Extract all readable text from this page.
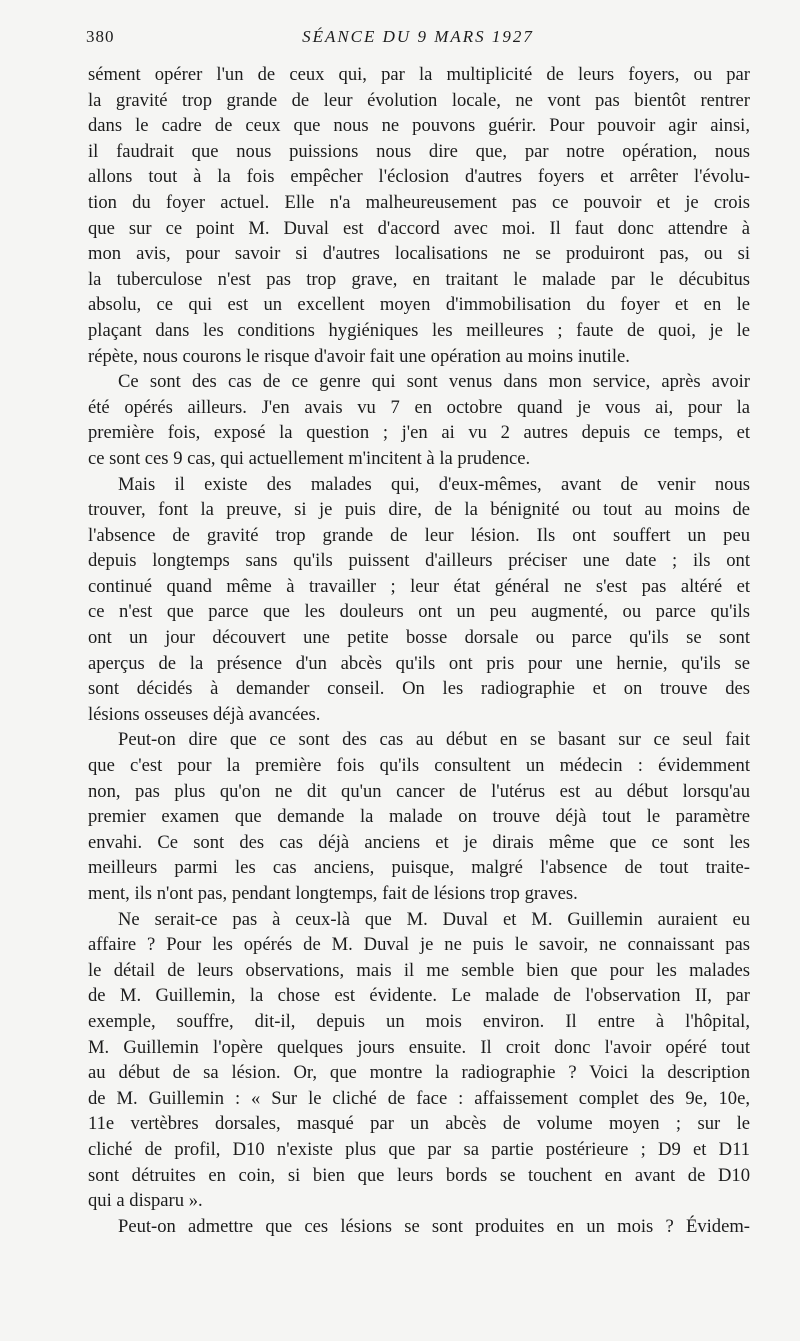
380	SÉANCE DU 9 MARS 1927
sément opérer l'un de ceux qui, par la multiplicité de leurs foyers, ou par
la gravité trop grande de leur évolution locale, ne vont pas bientôt rentrer
dans le cadre de ceux que nous ne pouvons guérir. Pour pouvoir agir ainsi,
il faudrait que nous puissions nous dire que, par notre opération, nous
allons tout à la fois empêcher l'éclosion d'autres foyers et arrêter l'évolu-
tion du foyer actuel. Elle n'a malheureusement pas ce pouvoir et je crois
que sur ce point M. Duval est d'accord avec moi. Il faut donc attendre à
mon avis, pour savoir si d'autres localisations ne se produiront pas, ou si
la tuberculose n'est pas trop grave, en traitant le malade par le décubitus
absolu, ce qui est un excellent moyen d'immobilisation du foyer et en le
plaçant dans les conditions hygiéniques les meilleures ; faute de quoi, je le
répète, nous courons le risque d'avoir fait une opération au moins inutile.
Ce sont des cas de ce genre qui sont venus dans mon service, après avoir
été opérés ailleurs. J'en avais vu 7 en octobre quand je vous ai, pour la
première fois, exposé la question ; j'en ai vu 2 autres depuis ce temps, et
ce sont ces 9 cas, qui actuellement m'incitent à la prudence.
Mais il existe des malades qui, d'eux-mêmes, avant de venir nous
trouver, font la preuve, si je puis dire, de la bénignité ou tout au moins de
l'absence de gravité trop grande de leur lésion. Ils ont souffert un peu
depuis longtemps sans qu'ils puissent d'ailleurs préciser une date ; ils ont
continué quand même à travailler ; leur état général ne s'est pas altéré et
ce n'est que parce que les douleurs ont un peu augmenté, ou parce qu'ils
ont un jour découvert une petite bosse dorsale ou parce qu'ils se sont
aperçus de la présence d'un abcès qu'ils ont pris pour une hernie, qu'ils se
sont décidés à demander conseil. On les radiographie et on trouve des
lésions osseuses déjà avancées.
Peut-on dire que ce sont des cas au début en se basant sur ce seul fait
que c'est pour la première fois qu'ils consultent un médecin : évidemment
non, pas plus qu'on ne dit qu'un cancer de l'utérus est au début lorsqu'au
premier examen que demande la malade on trouve déjà tout le paramètre
envahi. Ce sont des cas déjà anciens et je dirais même que ce sont les
meilleurs parmi les cas anciens, puisque, malgré l'absence de tout traite-
ment, ils n'ont pas, pendant longtemps, fait de lésions trop graves.
Ne serait-ce pas à ceux-là que M. Duval et M. Guillemin auraient eu
affaire ? Pour les opérés de M. Duval je ne puis le savoir, ne connaissant pas
le détail de leurs observations, mais il me semble bien que pour les malades
de M. Guillemin, la chose est évidente. Le malade de l'observation II, par
exemple, souffre, dit-il, depuis un mois environ. Il entre à l'hôpital,
M. Guillemin l'opère quelques jours ensuite. Il croit donc l'avoir opéré tout
au début de sa lésion. Or, que montre la radiographie ? Voici la description
de M. Guillemin : « Sur le cliché de face : affaissement complet des 9e, 10e,
11e vertèbres dorsales, masqué par un abcès de volume moyen ; sur le
cliché de profil, D10 n'existe plus que par sa partie postérieure ; D9 et D11
sont détruites en coin, si bien que leurs bords se touchent en avant de D10
qui a disparu ».
Peut-on admettre que ces lésions se sont produites en un mois ? Évidem-
